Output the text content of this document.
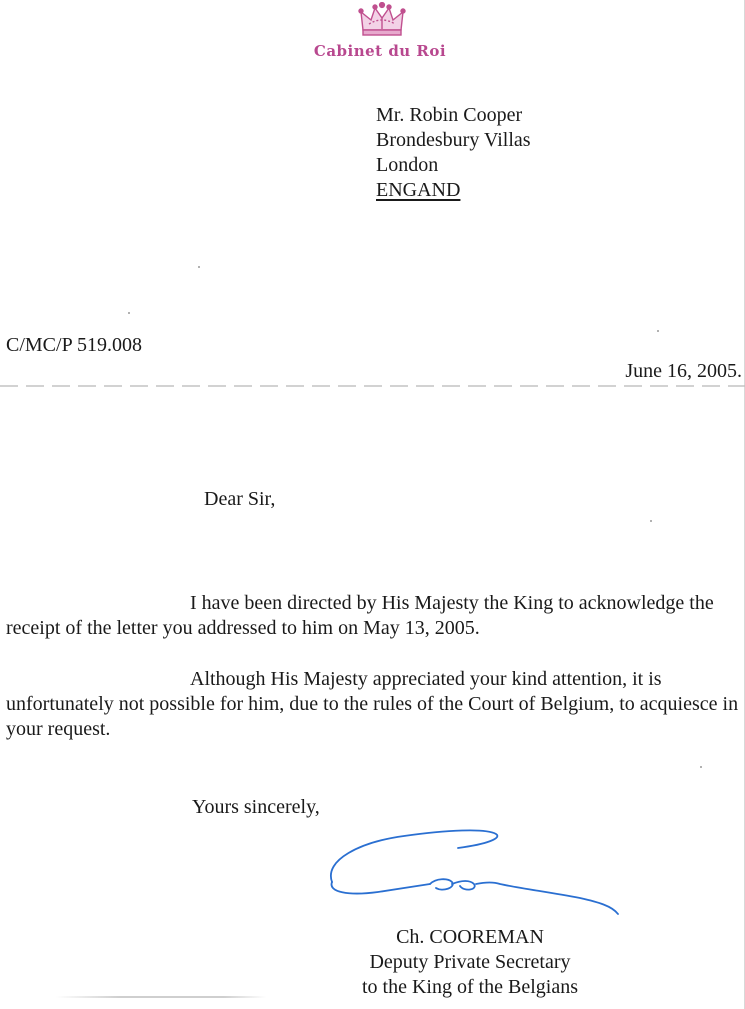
Cabinet du Roi
Mr. Robin Cooper
Brondesbury Villas
London
ENGAND
C/MC/P 519.008
June 16, 2005.
Dear Sir,
I have been directed by His Majesty the King to acknowledge the receipt of the letter you addressed to him on May 13, 2005.
Although His Majesty appreciated your kind attention, it is unfortunately not possible for him, due to the rules of the Court of Belgium, to acquiesce in your request.
Yours sincerely,
Ch. COOREMAN
Deputy Private Secretary
to the King of the Belgians
